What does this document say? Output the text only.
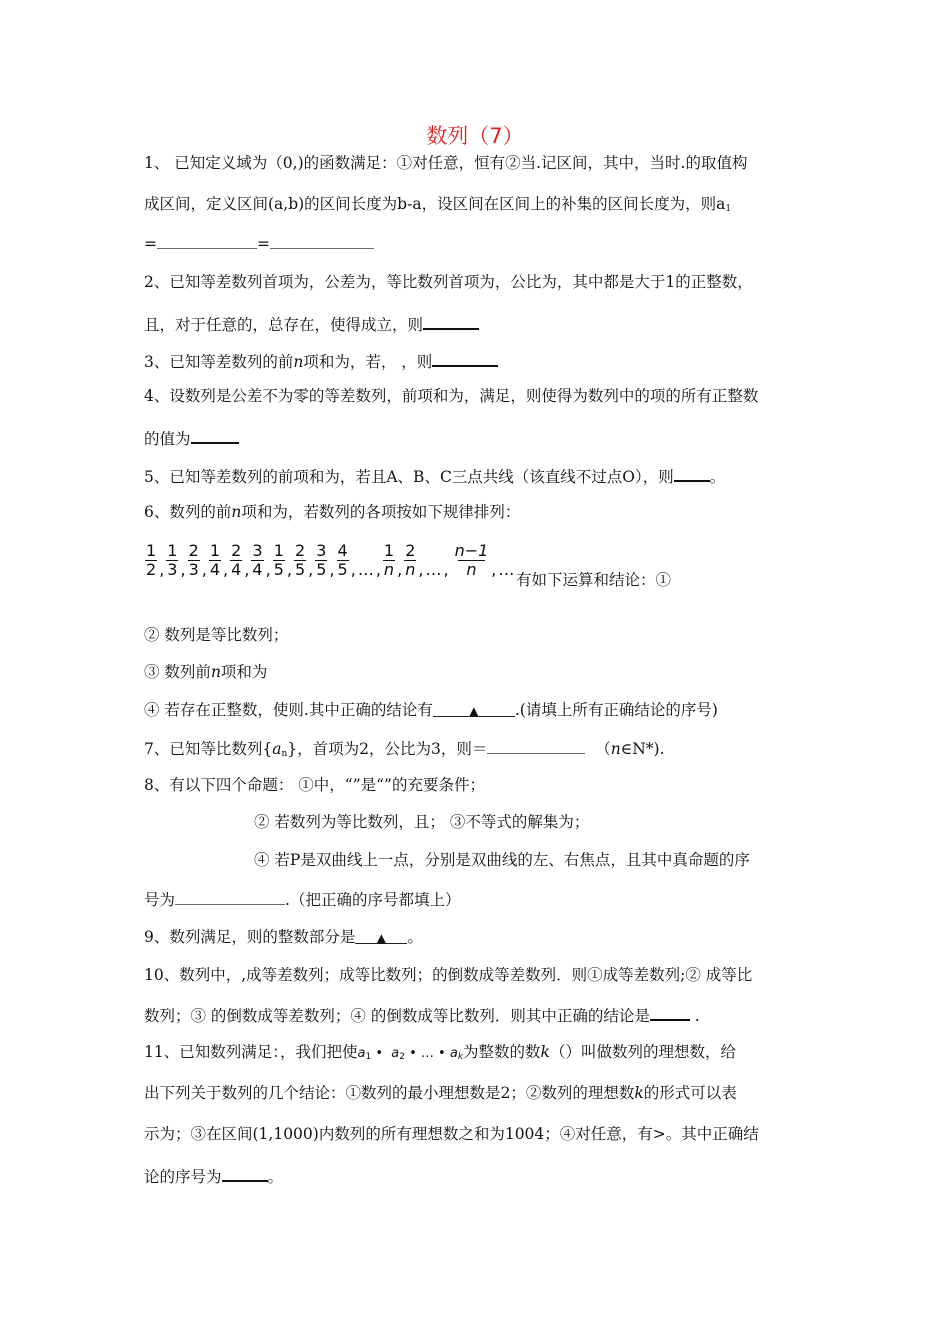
数列（7）
1、 已知定义域为（0,)的函数满足：①对任意，恒有②当.记区间，其中，当时.的取值构
成区间，定义区间(a,b)的区间长度为b-a，设区间在区间上的补集的区间长度为，则$a_1$
=	=
2、已知等差数列首项为，公差为，等比数列首项为，公比为，其中都是大于1的正整数，
且，对于任意的，总存在，使得成立，则
3、已知等差数列的前n项和为，若， ，则
4、设数列是公差不为零的等差数列，前项和为，满足，则使得为数列中的项的所有正整数
的值为
5、已知等差数列的前项和为，若且A、B、C三点共线（该直线不过点O），则 。
6、数列的前n项和为，若数列的各项按如下规律排列：
$\frac{1}{2}$ , $\frac{1}{3}$ , $\frac{2}{3}$ , $\frac{1}{4}$ , $\frac{2}{4}$ , $\frac{3}{4}$ , $\frac{1}{5}$ , $\frac{2}{5}$ , $\frac{3}{5}$ , $\frac{4}{5}$ , … , $\frac{1}{n}$ , $\frac{2}{n}$ , … , $\frac{n-1}{n}$ , …
有如下运算和结论：①
② 数列是等比数列；
③ 数列前n项和为
④ 若存在正整数，使则.其中正确的结论有	▲ .(请填上所有正确结论的序号)
7、已知等比数列$\{a_n\}$，首项为2，公比为3，则＝	（n∈N*).
8、有以下四个命题： ①中，“”是“”的充要条件；
② 若数列为等比数列，且； ③不等式的解集为；
④ 若P是双曲线上一点，分别是双曲线的左、右焦点，且其中真命题的序
号为	.（把正确的序号都填上）
9、数列满足，则的整数部分是 ▲ 。
10、数列中，,成等差数列；成等比数列；的倒数成等差数列．则①成等差数列;② 成等比
数列；③ 的倒数成等差数列；④ 的倒数成等比数列．则其中正确的结论是	.
11、已知数列满足：，我们把使$a_1$ •  $a_2$ • … • $a_k$为整数的数k（）叫做数列的理想数，给
出下列关于数列的几个结论：①数列的最小理想数是2；②数列的理想数k的形式可以表
示为；③在区间(1,1000)内数列的所有理想数之和为1004；④对任意，有>。其中正确结
论的序号为	。
